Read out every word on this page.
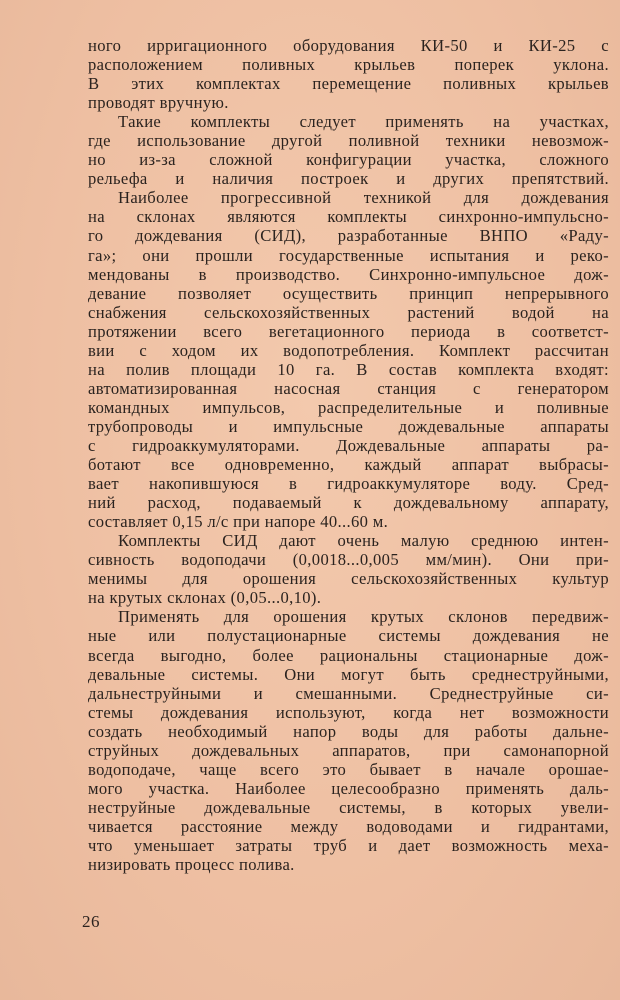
ного ирригационного оборудования КИ-50 и КИ-25 с
расположением поливных крыльев поперек уклона.
В этих комплектах перемещение поливных крыльев
проводят вручную.
Такие комплекты следует применять на участках,
где использование другой поливной техники невозмож-
но из-за сложной конфигурации участка, сложного
рельефа и наличия построек и других препятствий.
Наиболее прогрессивной техникой для дождевания
на склонах являются комплекты синхронно-импульсно-
го дождевания (СИД), разработанные ВНПО «Раду-
га»; они прошли государственные испытания и реко-
мендованы в производство. Синхронно-импульсное дож-
девание позволяет осуществить принцип непрерывного
снабжения сельскохозяйственных растений водой на
протяжении всего вегетационного периода в соответст-
вии с ходом их водопотребления. Комплект рассчитан
на полив площади 10 га. В состав комплекта входят:
автоматизированная насосная станция с генератором
командных импульсов, распределительные и поливные
трубопроводы и импульсные дождевальные аппараты
с гидроаккумуляторами. Дождевальные аппараты ра-
ботают все одновременно, каждый аппарат выбрасы-
вает накопившуюся в гидроаккумуляторе воду. Сред-
ний расход, подаваемый к дождевальному аппарату,
составляет 0,15 л/с при напоре 40...60 м.
Комплекты СИД дают очень малую среднюю интен-
сивность водоподачи (0,0018...0,005 мм/мин). Они при-
менимы для орошения сельскохозяйственных культур
на крутых склонах (0,05...0,10).
Применять для орошения крутых склонов передвиж-
ные или полустационарные системы дождевания не
всегда выгодно, более рациональны стационарные дож-
девальные системы. Они могут быть среднеструйными,
дальнеструйными и смешанными. Среднеструйные си-
стемы дождевания используют, когда нет возможности
создать необходимый напор воды для работы дальне-
струйных дождевальных аппаратов, при самонапорной
водоподаче, чаще всего это бывает в начале орошае-
мого участка. Наиболее целесообразно применять даль-
неструйные дождевальные системы, в которых увели-
чивается расстояние между водоводами и гидрантами,
что уменьшает затраты труб и дает возможность меха-
низировать процесс полива.
26
